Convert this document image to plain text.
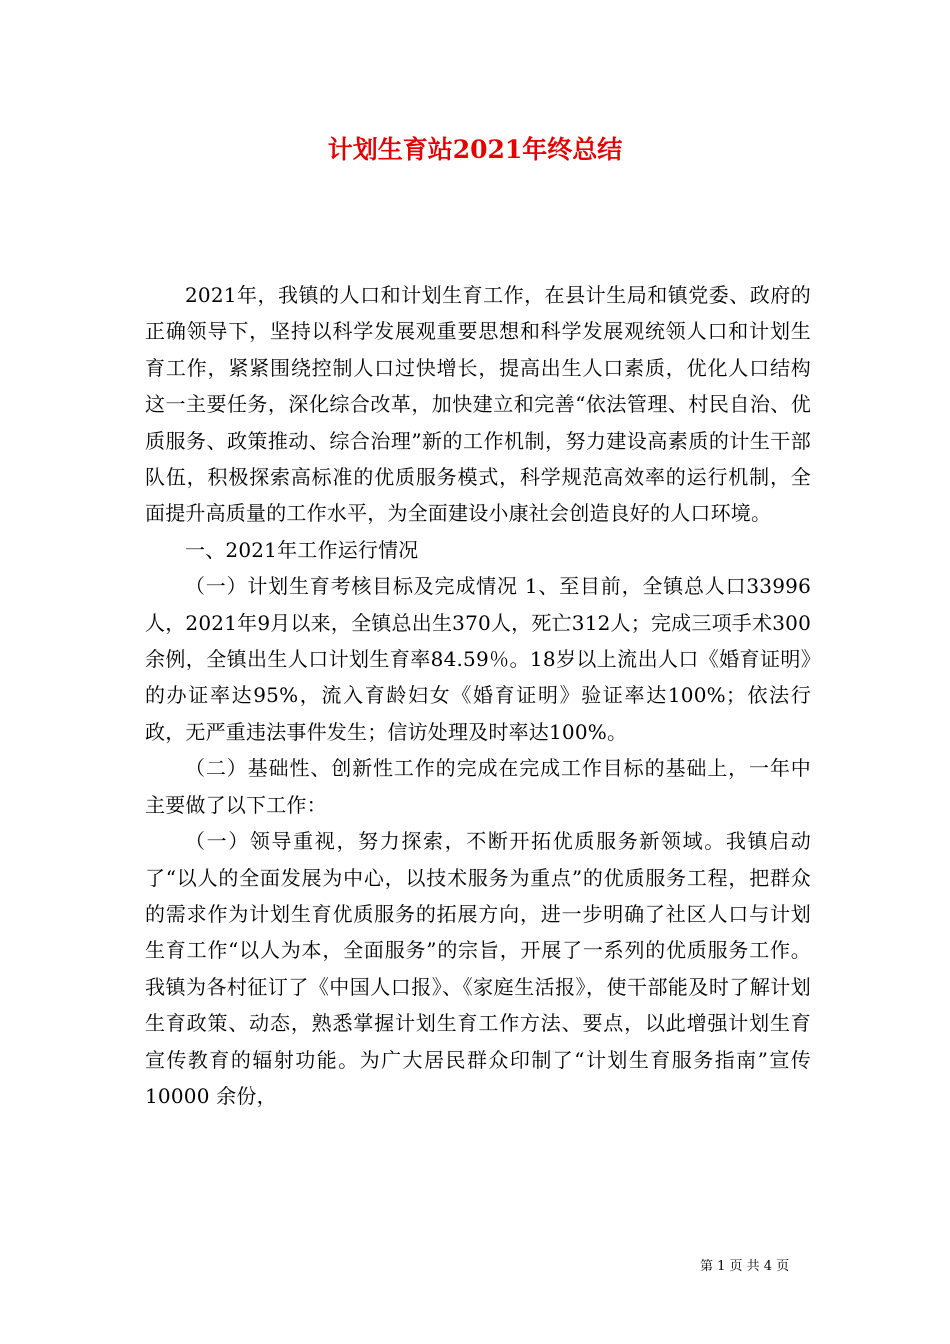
计划生育站2021年终总结

2021年，我镇的人口和计划生育工作，在县计生局和镇党委、政府的正确领导下，坚持以科学发展观重要思想和科学发展观统领人口和计划生育工作，紧紧围绕控制人口过快增长，提高出生人口素质，优化人口结构这一主要任务，深化综合改革，加快建立和完善“依法管理、村民自治、优质服务、政策推动、综合治理”新的工作机制，努力建设高素质的计生干部队伍，积极探索高标准的优质服务模式，科学规范高效率的运行机制，全面提升高质量的工作水平，为全面建设小康社会创造良好的人口环境。

一、2021年工作运行情况

（一）计划生育考核目标及完成情况 1、至目前，全镇总人口33996人，2021年9月以来，全镇总出生370人，死亡312人；完成三项手术300余例，全镇出生人口计划生育率84.59％。18岁以上流出人口《婚育证明》的办证率达95%，流入育龄妇女《婚育证明》验证率达100%；依法行政，无严重违法事件发生；信访处理及时率达100%。

（二）基础性、创新性工作的完成在完成工作目标的基础上，一年中主要做了以下工作：

（一）领导重视，努力探索，不断开拓优质服务新领域。我镇启动了“以人的全面发展为中心，以技术服务为重点”的优质服务工程，把群众的需求作为计划生育优质服务的拓展方向，进一步明确了社区人口与计划生育工作“以人为本，全面服务”的宗旨，开展了一系列的优质服务工作。我镇为各村征订了《中国人口报》、《家庭生活报》，使干部能及时了解计划生育政策、动态，熟悉掌握计划生育工作方法、要点，以此增强计划生育宣传教育的辐射功能。为广大居民群众印制了“计划生育服务指南”宣传 10000 余份，

第 1 页 共 4 页
